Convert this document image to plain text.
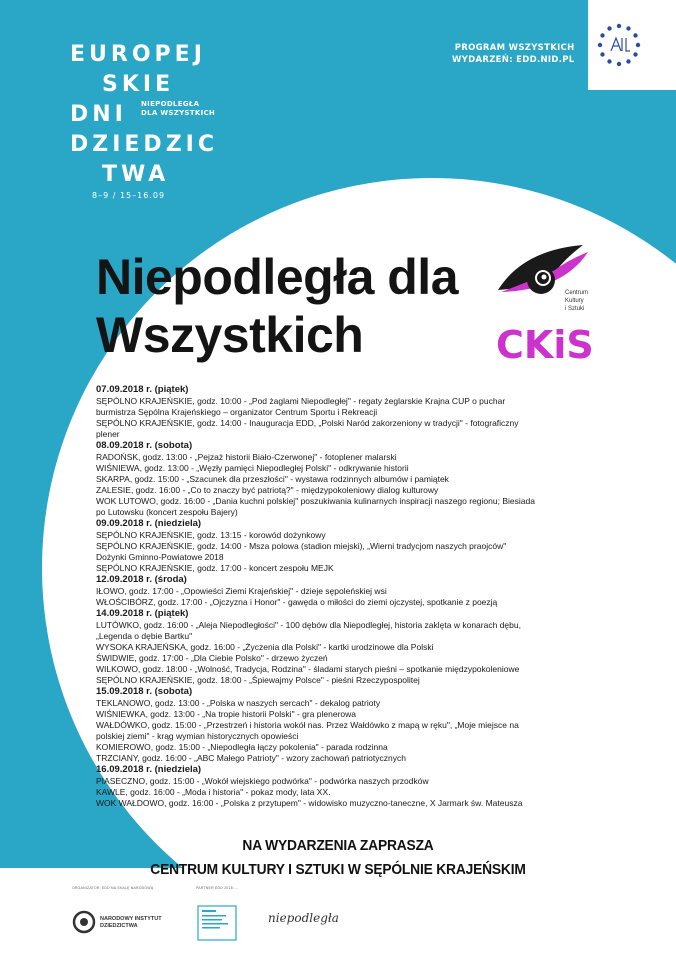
EUROPEJ
SKIE
DNI
DZIEDZIC
TWA
NIEPODLEGŁA
DLA WSZYSTKICH
8–9 / 15–16.09
PROGRAM WSZYSTKICH
WYDARZEŃ: EDD.NID.PL
Niepodległa dla
Wszystkich
Centrum
Kultury
i Sztuki
CKiS
07.09.2018 r. (piątek)
SĘPÓLNO KRAJEŃSKIE, godz. 10:00 - „Pod żaglami Niepodległej" - regaty żeglarskie Krajna CUP o puchar burmistrza Sępólna Krajeńskiego – organizator Centrum Sportu i Rekreacji
SĘPÓLNO KRAJEŃSKIE, godz. 14:00 - Inauguracja EDD, „Polski Naród zakorzeniony w tradycji" - fotograficzny plener
08.09.2018 r. (sobota)
RADOŃSK, godz. 13:00 - „Pejzaż historii Biało-Czerwonej" - fotoplener malarski
WIŚNIEWA, godz. 13:00 - „Węzły pamięci Niepodległej Polski" - odkrywanie historii
SKARPA, godz. 15:00 - „Szacunek dla przeszłości" - wystawa rodzinnych albumów i pamiątek
ZALESIE, godz. 16:00 - „Co to znaczy być patriotą?" - międzypokoleniowy dialog kulturowy
WOK LUTOWO, godz. 16:00 - „Dania kuchni polskiej" poszukiwania kulinarnych inspiracji naszego regionu; Biesiada po Lutowsku (koncert zespołu Bajery)
09.09.2018 r. (niedziela)
SĘPÓLNO KRAJEŃSKIE, godz. 13:15 - korowód dożynkowy
SĘPÓLNO KRAJEŃSKIE, godz. 14:00 - Msza polowa (stadion miejski), „Wierni tradycjom naszych praojców" Dożynki Gminno-Powiatowe 2018
SĘPÓLNO KRAJEŃSKIE, godz. 17:00 - koncert zespołu MEJK
12.09.2018 r. (środa)
IŁOWO, godz. 17:00 - „Opowieści Ziemi Krajeńskiej" - dzieje sępoleńskiej wsi
WŁOŚCIBÓRZ, godz. 17:00 - „Ojczyzna i Honor" - gawęda o miłości do ziemi ojczystej, spotkanie z poezją
14.09.2018 r. (piątek)
LUTÓWKO, godz. 16:00 - „Aleja Niepodległości" - 100 dębów dla Niepodległej, historia zaklęta w konarach dębu, „Legenda o dębie Bartku"
WYSOKA KRAJEŃSKA, godz. 16:00 - „Życzenia dla Polski" - kartki urodzinowe dla Polski
ŚWIDWIE, godz. 17:00 - „Dla Ciebie Polsko" - drzewo życzeń
WILKOWO, godz. 18:00 - „Wolność, Tradycja, Rodzina" - śladami starych pieśni – spotkanie międzypokoleniowe
SĘPÓLNO KRAJEŃSKIE, godz. 18:00 - „Śpiewajmy Polsce" - pieśni Rzeczypospolitej
15.09.2018 r. (sobota)
TEKLANOWO, godz. 13:00 - „Polska w naszych sercach" - dekalog patrioty
WIŚNIEWKA, godz. 13:00 - „Na tropie historii Polski" - gra plenerowa
WAŁDÓWKO, godz. 15:00 - „Przestrzeń i historia wokół nas. Przez Wałdówko z mapą w ręku", „Moje miejsce na polskiej ziemi" - krąg wymian historycznych opowieści
KOMIEROWO, godz. 15:00 - „Niepodległa łączy pokolenia" - parada rodzinna
TRZCIANY, godz. 16:00 - „ABC Małego Patrioty" - wzory zachowań patriotycznych
16.09.2018 r. (niedziela)
PIASECZNO, godz. 15:00 - „Wokół wiejskiego podwórka" - podwórka naszych przodków
KAWLE, godz. 16:00 - „Moda i historia" - pokaz mody, lata XX.
WOK WAŁDOWO, godz. 16:00 - „Polska z przytupem" - widowisko muzyczno-taneczne, X Jarmark św. Mateusza
NA WYDARZENIA ZAPRASZA
CENTRUM KULTURY I SZTUKI W SĘPÓLNIE KRAJEŃSKIM
ORGANIZATOR: EDD NA SKALĘ NARODOWĄ	PARTNER EDD 2018: ...
NARODOWY INSTYTUT
DZIEDZICTWA
niepodległa
